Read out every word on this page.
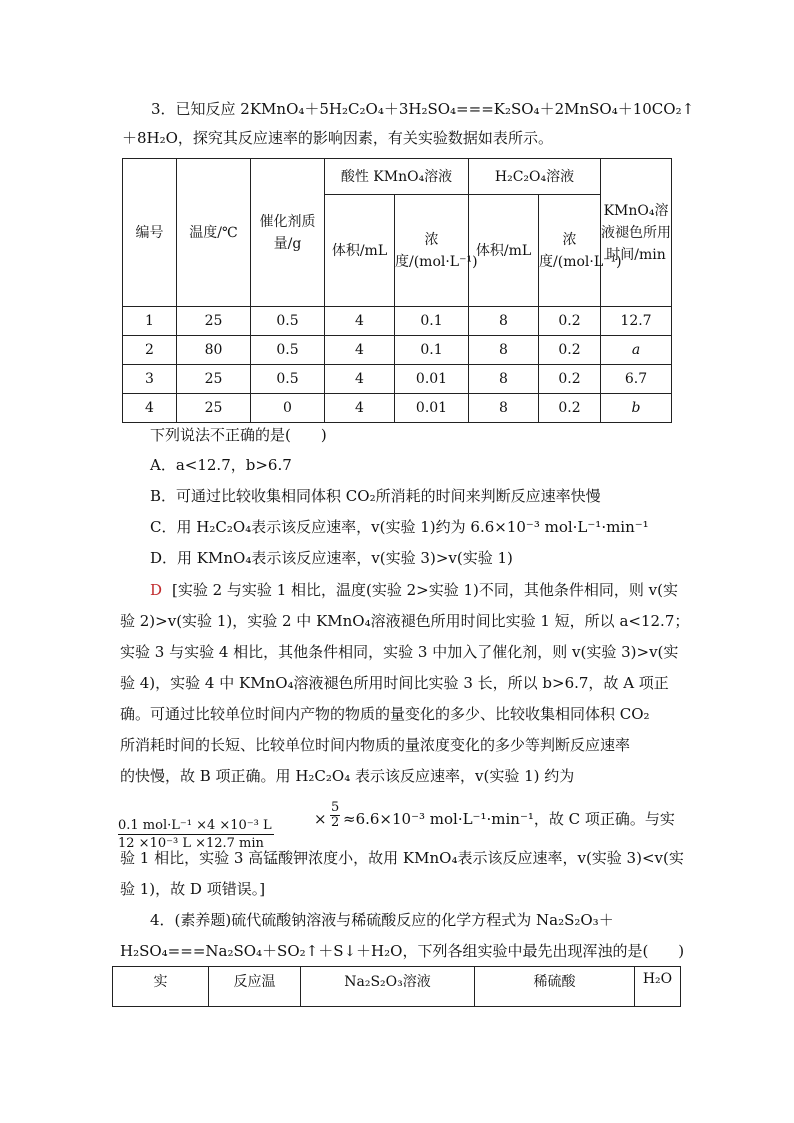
3．已知反应 2KMnO₄＋5H₂C₂O₄＋3H₂SO₄===K₂SO₄＋2MnSO₄＋10CO₂↑
＋8H₂O，探究其反应速率的影响因素，有关实验数据如表所示。
编号	温度/℃	催化剂质量/g	酸性 KMnO₄溶液		H₂C₂O₄溶液		KMnO₄溶液褪色所用时间/min
			体积/mL	浓度/(mol·L⁻¹)	体积/mL	浓度/(mol·L⁻¹)	
1	25	0.5	4	0.1	8	0.2	12.7
2	80	0.5	4	0.1	8	0.2	a
3	25	0.5	4	0.01	8	0.2	6.7
4	25	0	4	0.01	8	0.2	b
下列说法不正确的是(　　)
A．a<12.7，b>6.7
B．可通过比较收集相同体积 CO₂所消耗的时间来判断反应速率快慢
C．用 H₂C₂O₄表示该反应速率，v(实验 1)约为 6.6×10⁻³ mol·L⁻¹·min⁻¹
D．用 KMnO₄表示该反应速率，v(实验 3)>v(实验 1)
D [实验 2 与实验 1 相比，温度(实验 2>实验 1)不同，其他条件相同，则 v(实
验 2)>v(实验 1)，实验 2 中 KMnO₄溶液褪色所用时间比实验 1 短，所以 a<12.7；
实验 3 与实验 4 相比，其他条件相同，实验 3 中加入了催化剂，则 v(实验 3)>v(实
验 4)，实验 4 中 KMnO₄溶液褪色所用时间比实验 3 长，所以 b>6.7，故 A 项正
确。可通过比较单位时间内产物的物质的量变化的多少、比较收集相同体积 CO₂
所消耗时间的长短、比较单位时间内物质的量浓度变化的多少等判断反应速率
的快慢，故 B 项正确。用 H₂C₂O₄ 表示该反应速率，v(实验 1) 约为
0.1 mol·L⁻¹ ×4 ×10⁻³ L
12 ×10⁻³ L ×12.7 min
× $\frac{5}{2} \approx 6.6\times 10^{-3}$ mol·L⁻¹·min⁻¹，故 C 项正确。与实
验 1 相比，实验 3 高锰酸钾浓度小，故用 KMnO₄表示该反应速率，v(实验 3)<v(实
验 1)，故 D 项错误。]
4．(素养题)硫代硫酸钠溶液与稀硫酸反应的化学方程式为 Na₂S₂O₃＋
H₂SO₄===Na₂SO₄＋SO₂↑＋S↓＋H₂O，下列各组实验中最先出现浑浊的是(　　)
实	反应温	Na₂S₂O₃溶液	稀硫酸	H₂O
